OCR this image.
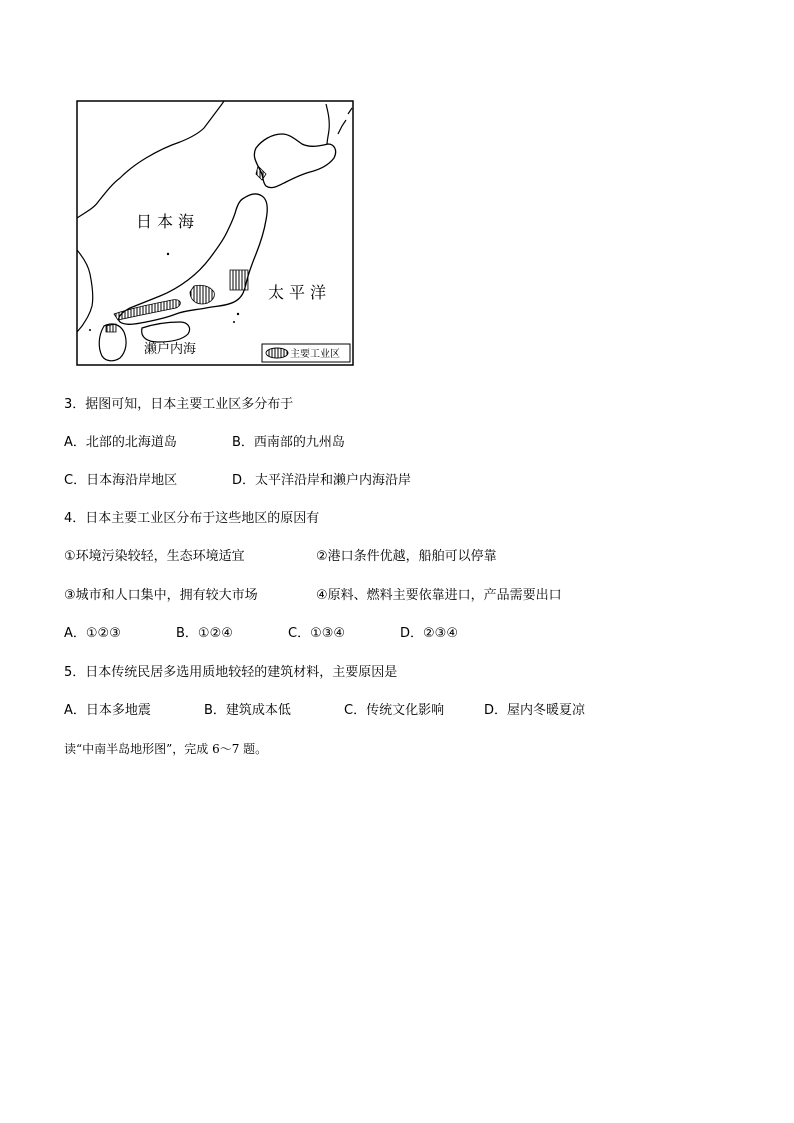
日本海
太平洋
濑户内海	主要工业区
3．据图可知，日本主要工业区多分布于
A．北部的北海道岛	B．西南部的九州岛
C．日本海沿岸地区	D．太平洋沿岸和濑户内海沿岸
4．日本主要工业区分布于这些地区的原因有
①环境污染较轻，生态环境适宜	②港口条件优越，船舶可以停靠
③城市和人口集中，拥有较大市场	④原料、燃料主要依靠进口，产品需要出口
A．①②③	B．①②④	C．①③④	D．②③④
5．日本传统民居多选用质地较轻的建筑材料，主要原因是
A．日本多地震	B．建筑成本低	C．传统文化影响	D．屋内冬暖夏凉
读“中南半岛地形图”，完成 6～7 题。
